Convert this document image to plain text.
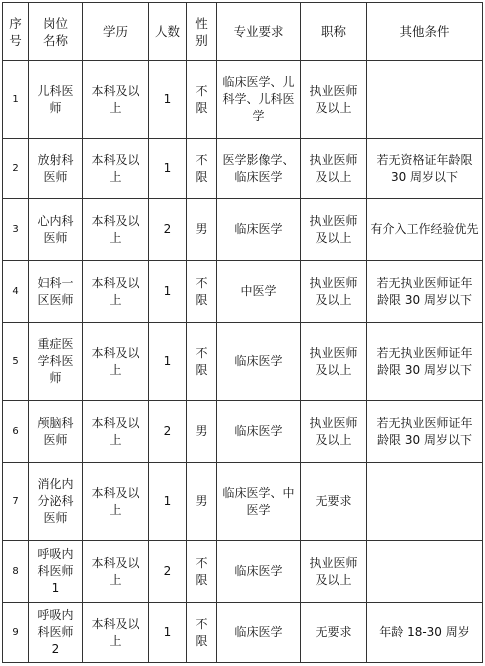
序号	岗位名称	学历	人数	性别	专业要求	职称	其他条件
1	儿科医师	本科及以上	1	不限	临床医学、儿科学、儿科医学	执业医师及以上	
2	放射科医师	本科及以上	1	不限	医学影像学、临床医学	执业医师及以上	若无资格证年龄限 30 周岁以下
3	心内科医师	本科及以上	2	男	临床医学	执业医师及以上	有介入工作经验优先
4	妇科一区医师	本科及以上	1	不限	中医学	执业医师及以上	若无执业医师证年龄限 30 周岁以下
5	重症医学科医师	本科及以上	1	不限	临床医学	执业医师及以上	若无执业医师证年龄限 30 周岁以下
6	颅脑科医师	本科及以上	2	男	临床医学	执业医师及以上	若无执业医师证年龄限 30 周岁以下
7	消化内分泌科医师	本科及以上	1	男	临床医学、中医学	无要求	
8	呼吸内科医师1	本科及以上	2	不限	临床医学	执业医师及以上	
9	呼吸内科医师2	本科及以上	1	不限	临床医学	无要求	年龄 18-30 周岁
